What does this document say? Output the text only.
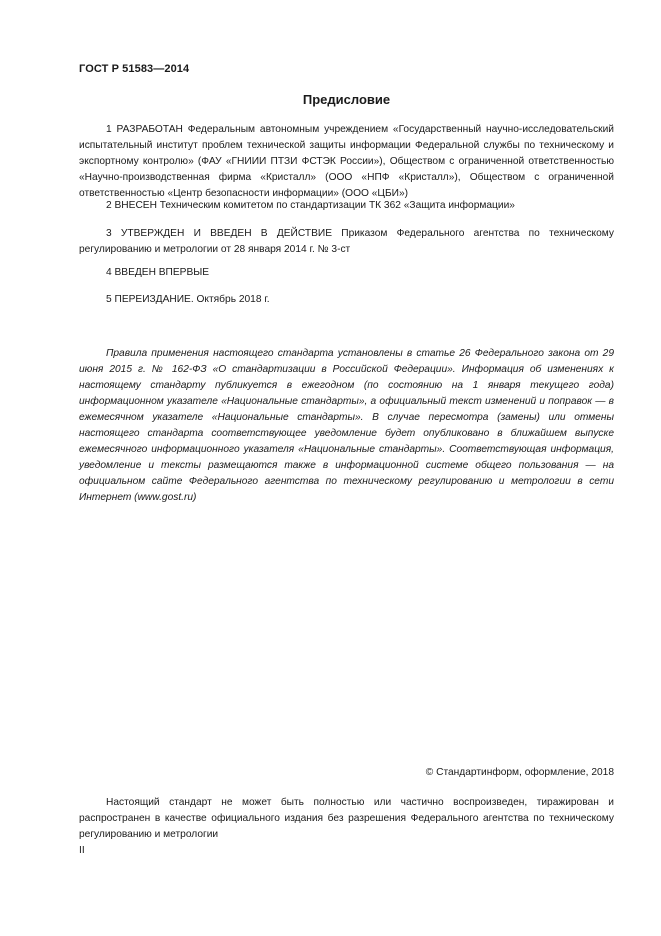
ГОСТ Р 51583—2014
Предисловие

1 РАЗРАБОТАН Федеральным автономным учреждением «Государственный научно-исследовательский испытательный институт проблем технической защиты информации Федеральной службы по техническому и экспортному контролю» (ФАУ «ГНИИИ ПТЗИ ФСТЭК России»), Обществом с ограниченной ответственностью «Научно-производственная фирма «Кристалл» (ООО «НПФ «Кристалл»), Обществом с ограниченной ответственностью «Центр безопасности информации» (ООО «ЦБИ»)

2 ВНЕСЕН Техническим комитетом по стандартизации ТК 362 «Защита информации»

3 УТВЕРЖДЕН И ВВЕДЕН В ДЕЙСТВИЕ Приказом Федерального агентства по техническому регулированию и метрологии от 28 января 2014 г. № 3-ст

4 ВВЕДЕН ВПЕРВЫЕ

5 ПЕРЕИЗДАНИЕ. Октябрь 2018 г.

Правила применения настоящего стандарта установлены в статье 26 Федерального закона от 29 июня 2015 г. № 162-ФЗ «О стандартизации в Российской Федерации». Информация об изменениях к настоящему стандарту публикуется в ежегодном (по состоянию на 1 января текущего года) информационном указателе «Национальные стандарты», а официальный текст изменений и поправок — в ежемесячном указателе «Национальные стандарты». В случае пересмотра (замены) или отмены настоящего стандарта соответствующее уведомление будет опубликовано в ближайшем выпуске ежемесячного информационного указателя «Национальные стандарты». Соответствующая информация, уведомление и тексты размещаются также в информационной системе общего пользования — на официальном сайте Федерального агентства по техническому регулированию и метрологии в сети Интернет (www.gost.ru)

© Стандартинформ, оформление, 2018

Настоящий стандарт не может быть полностью или частично воспроизведен, тиражирован и распространен в качестве официального издания без разрешения Федерального агентства по техническому регулированию и метрологии

II
